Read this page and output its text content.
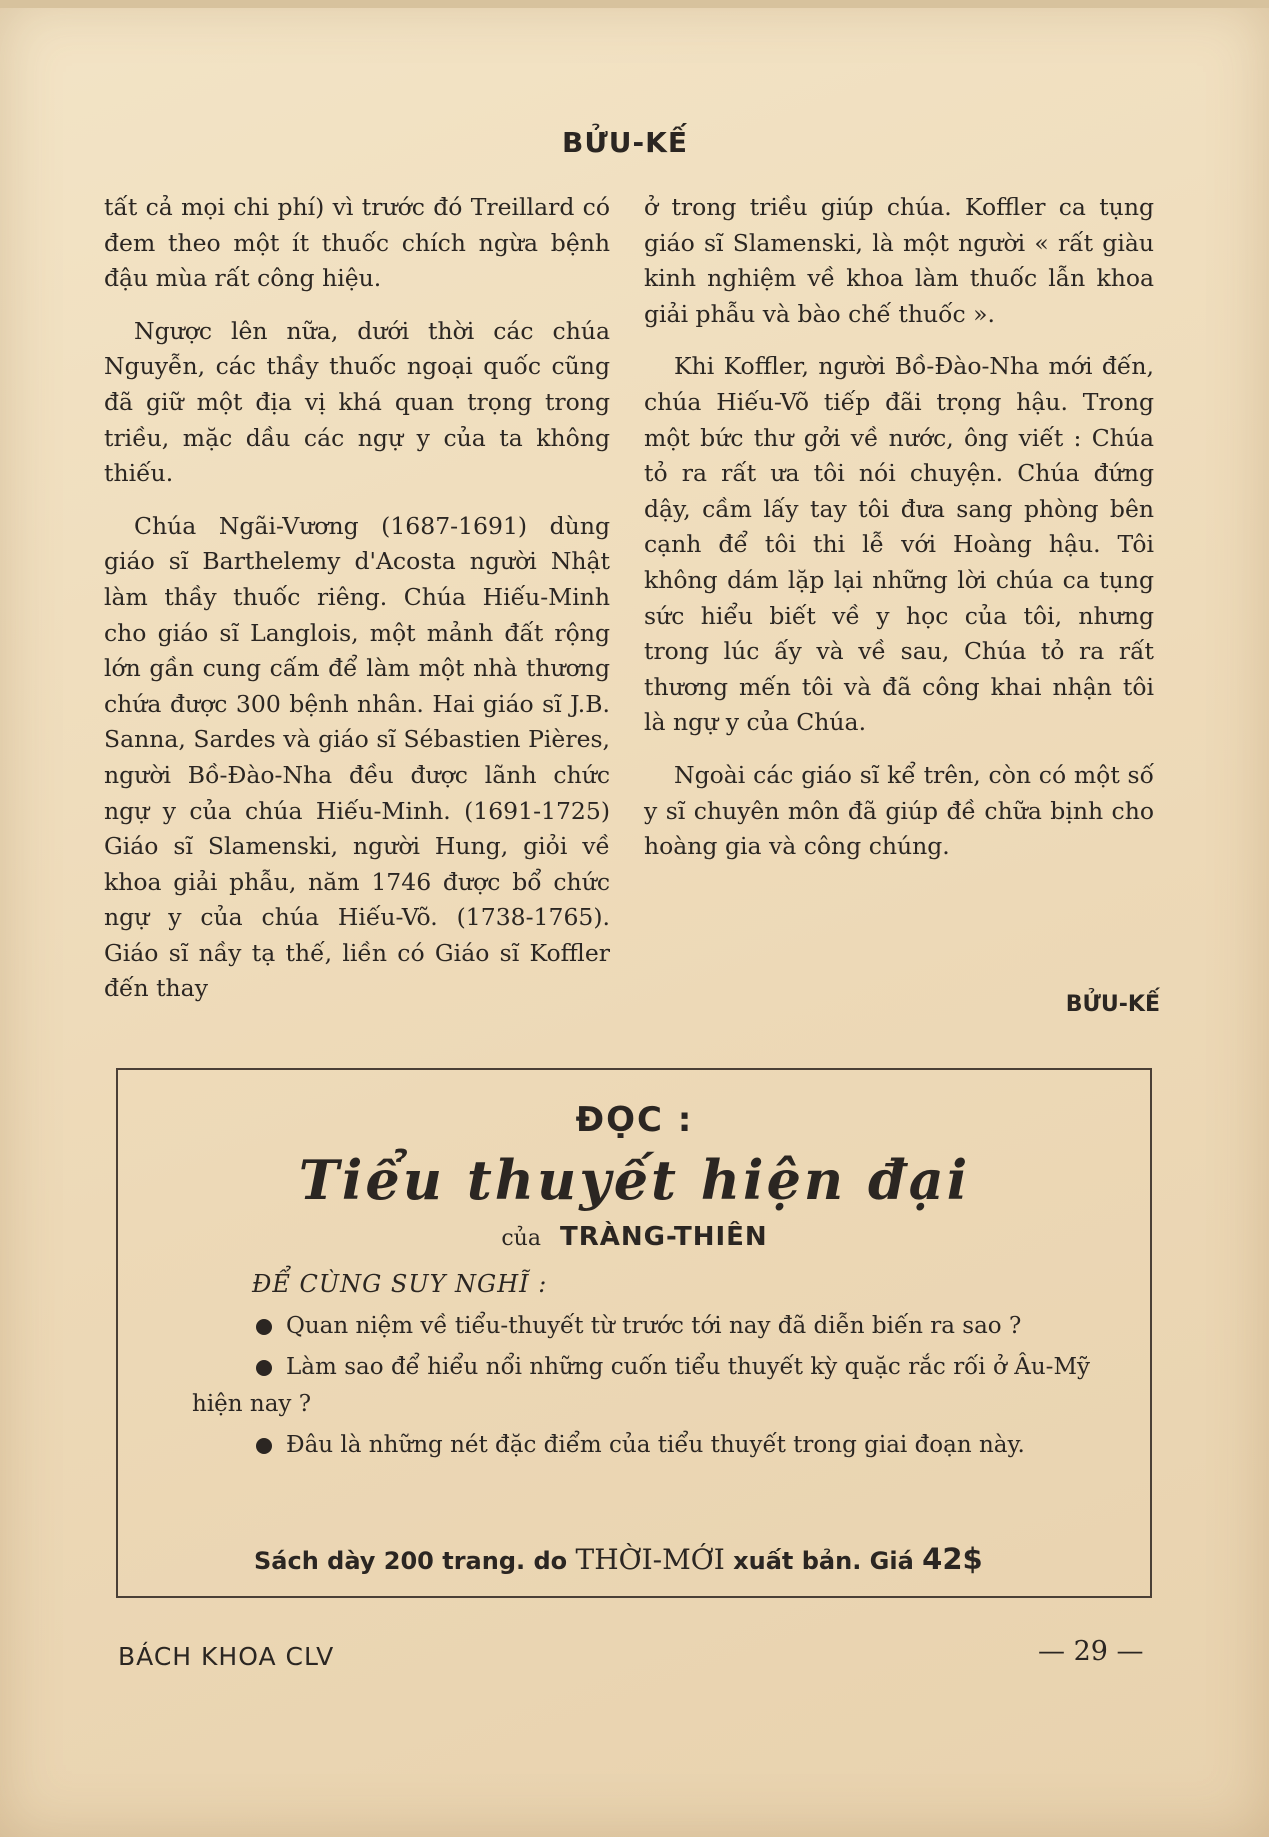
BỬU-KẾ

tất cả mọi chi phí) vì trước đó Treillard có đem theo một ít thuốc chích ngừa bệnh đậu mùa rất công hiệu.

Ngược lên nữa, dưới thời các chúa Nguyễn, các thầy thuốc ngoại quốc cũng đã giữ một địa vị khá quan trọng trong triều, mặc dầu các ngự y của ta không thiếu.

Chúa Ngãi-Vương (1687-1691) dùng giáo sĩ Barthelemy d'Acosta người Nhật làm thầy thuốc riêng. Chúa Hiếu-Minh cho giáo sĩ Langlois, một mảnh đất rộng lớn gần cung cấm để làm một nhà thương chứa được 300 bệnh nhân. Hai giáo sĩ J.B. Sanna, Sardes và giáo sĩ Sébastien Pières, người Bồ-Đào-Nha đều được lãnh chức ngự y của chúa Hiếu-Minh. (1691-1725) Giáo sĩ Slamenski, người Hung, giỏi về khoa giải phẫu, năm 1746 được bổ chức ngự y của chúa Hiếu-Võ. (1738-1765). Giáo sĩ nầy tạ thế, liền có Giáo sĩ Koffler đến thay

ở trong triều giúp chúa. Koffler ca tụng giáo sĩ Slamenski, là một người « rất giàu kinh nghiệm về khoa làm thuốc lẫn khoa giải phẫu và bào chế thuốc ».

Khi Koffler, người Bồ-Đào-Nha mới đến, chúa Hiếu-Võ tiếp đãi trọng hậu. Trong một bức thư gởi về nước, ông viết : Chúa tỏ ra rất ưa tôi nói chuyện. Chúa đứng dậy, cầm lấy tay tôi đưa sang phòng bên cạnh để tôi thi lễ với Hoàng hậu. Tôi không dám lặp lại những lời chúa ca tụng sức hiểu biết về y học của tôi, nhưng trong lúc ấy và về sau, Chúa tỏ ra rất thương mến tôi và đã công khai nhận tôi là ngự y của Chúa.

Ngoài các giáo sĩ kể trên, còn có một số y sĩ chuyên môn đã giúp đề chữa bịnh cho hoàng gia và công chúng.

BỬU-KẾ
ĐỌC :
Tiểu thuyết hiện đại
của TRÀNG-THIÊN
ĐỂ CÙNG SUY NGHĨ :

Quan niệm về tiểu-thuyết từ trước tới nay đã diễn biến ra sao ?

Làm sao để hiểu nổi những cuốn tiểu thuyết kỳ quặc rắc rối ở Âu-Mỹ hiện nay ?

Đâu là những nét đặc điểm của tiểu thuyết trong giai đoạn này.

Sách dày 200 trang. do THỜI-MỚI xuất bản. Giá 42$
BÁCH KHOA CLV	— 29 —
